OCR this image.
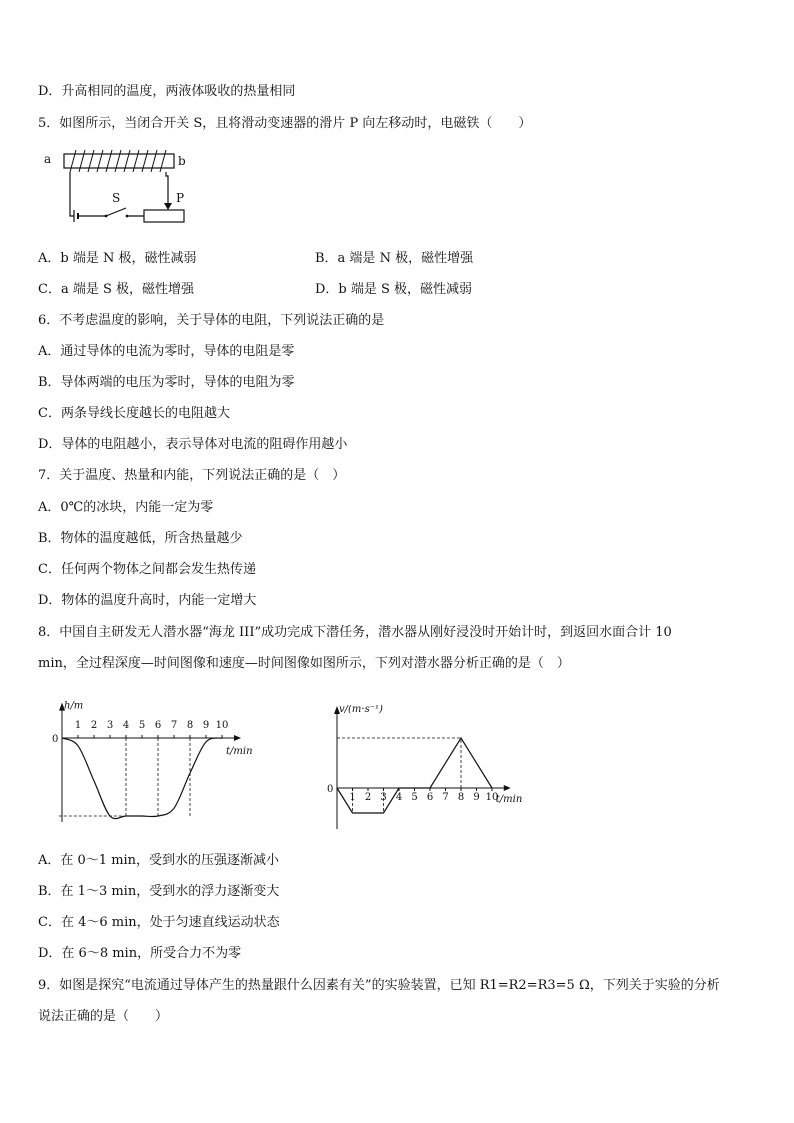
D．升高相同的温度，两液体吸收的热量相同
5．如图所示，当闭合开关 S，且将滑动变速器的滑片 P 向左移动时，电磁铁（　　）
a	b
S	P
A．b 端是 N 极，磁性减弱	B．a 端是 N 极，磁性增强
C．a 端是 S 极，磁性增强	D．b 端是 S 极，磁性减弱
6．不考虑温度的影响，关于导体的电阻，下列说法正确的是
A．通过导体的电流为零时，导体的电阻是零
B．导体两端的电压为零时，导体的电阻为零
C．两条导线长度越长的电阻越大
D．导体的电阻越小，表示导体对电流的阻碍作用越小
7．关于温度、热量和内能，下列说法正确的是（　）
A．0℃的冰块，内能一定为零
B．物体的温度越低，所含热量越少
C．任何两个物体之间都会发生热传递
D．物体的温度升高时，内能一定增大
8．中国自主研发无人潜水器“海龙 III”成功完成下潜任务，潜水器从刚好浸没时开始计时，到返回水面合计 10
min，全过程深度—时间图像和速度—时间图像如图所示，下列对潜水器分析正确的是（　）
h/m
t/min
0
1 2 3 4 5 6 7 8 9 10
v/(m·s⁻¹)
t/min
0
1 2 3 4 5 6 7 8 9 10
A．在 0～1 min，受到水的压强逐渐减小
B．在 1～3 min，受到水的浮力逐渐变大
C．在 4～6 min，处于匀速直线运动状态
D．在 6～8 min，所受合力不为零
9．如图是探究“电流通过导体产生的热量跟什么因素有关”的实验装置，已知 R1=R2=R3=5 Ω，下列关于实验的分析
说法正确的是（　　）
